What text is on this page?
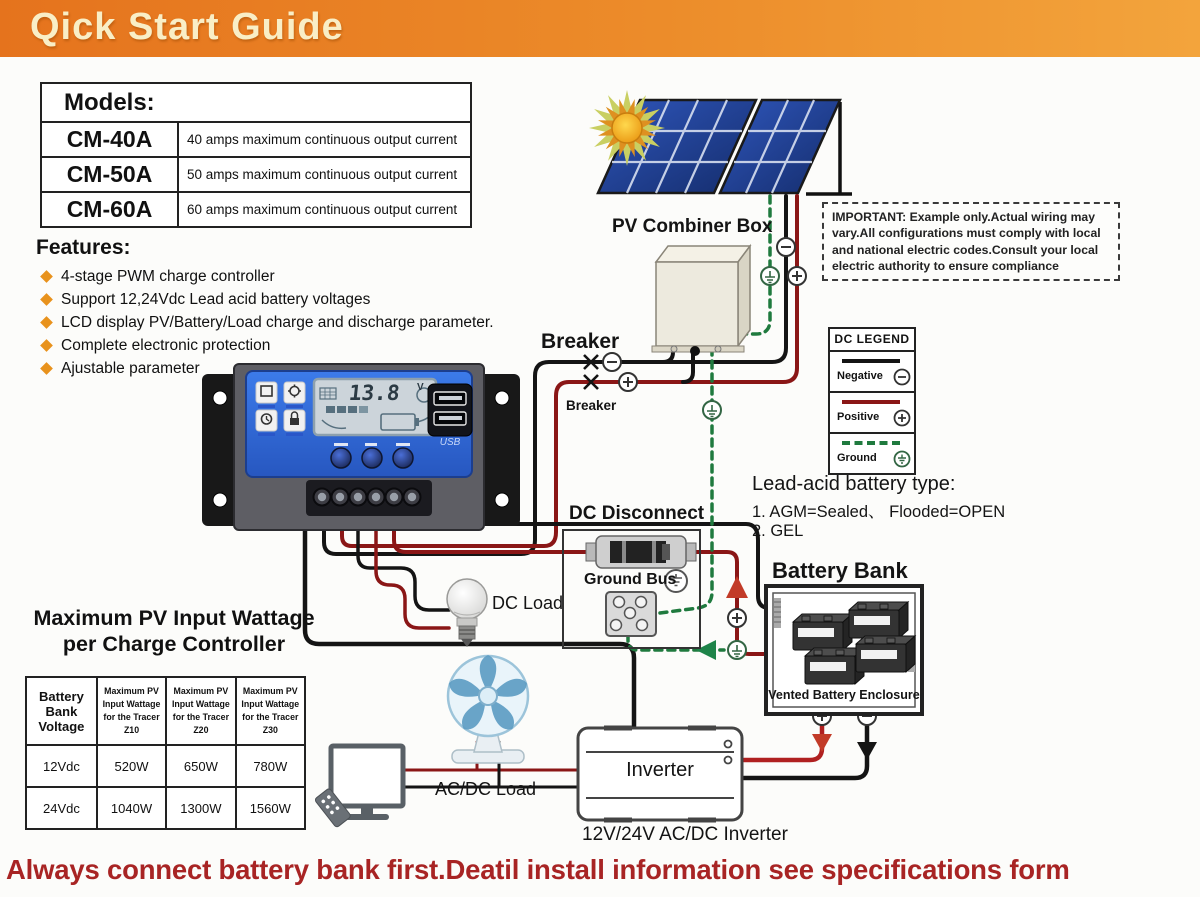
Qick Start Guide
Models:
CM-40A	40 amps maximum continuous output current
CM-50A	50 amps maximum continuous output current
CM-60A	60 amps maximum continuous output current
Features:
4-stage PWM charge controller
Support 12,24Vdc Lead acid battery voltages
LCD display PV/Battery/Load charge and discharge parameter.
Complete electronic protection
Ajustable parameter
PV Combiner Box	IMPORTANT: Example only.Actual wiring may vary.All configurations must comply with local and national electric codes.Consult your local electric authority to ensure compliance
DC LEGEND
Negative
Positive
Ground
Breaker
Breaker
13.8 V
USB
DC Disconnect
Ground Bus
DC Load
AC/DC Load
Lead-acid battery type:
1. AGM=Sealed、 Flooded=OPEN
2. GEL
Battery Bank
Vented Battery Enclosure
Inverter
12V/24V AC/DC Inverter
Maximum PV Input Wattage
per Charge Controller
Battery Bank Voltage	Maximum PV Input Wattage for the Tracer Z10	Maximum PV Input Wattage for the Tracer Z20	Maximum PV Input Wattage for the Tracer Z30
12Vdc	520W	650W	780W
24Vdc	1040W	1300W	1560W
Always connect battery bank first.Deatil install information see specifications form
